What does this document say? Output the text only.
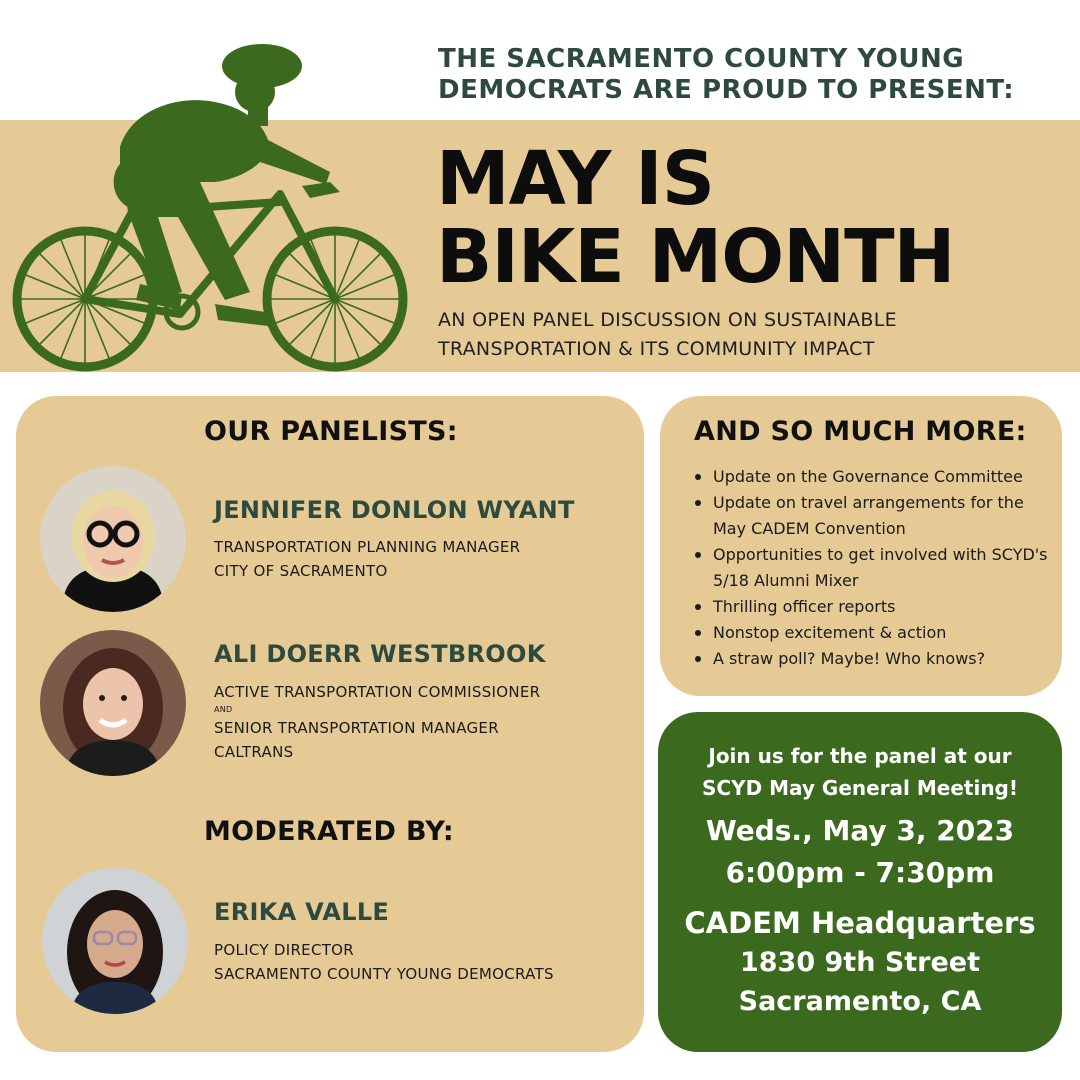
THE SACRAMENTO COUNTY YOUNG
DEMOCRATS ARE PROUD TO PRESENT:
MAY IS
BIKE MONTH
AN OPEN PANEL DISCUSSION ON SUSTAINABLE
TRANSPORTATION & ITS COMMUNITY IMPACT
OUR PANELISTS:
JENNIFER DONLON WYANT
TRANSPORTATION PLANNING MANAGER
CITY OF SACRAMENTO
ALI DOERR WESTBROOK
ACTIVE TRANSPORTATION COMMISSIONER
AND
SENIOR TRANSPORTATION MANAGER
CALTRANS
MODERATED BY:
ERIKA VALLE
POLICY DIRECTOR
SACRAMENTO COUNTY YOUNG DEMOCRATS
AND SO MUCH MORE:
Update on the Governance Committee
Update on travel arrangements for the May CADEM Convention
Opportunities to get involved with SCYD's 5/18 Alumni Mixer
Thrilling officer reports
Nonstop excitement & action
A straw poll? Maybe! Who knows?
Join us for the panel at our
SCYD May General Meeting!
Weds., May 3, 2023
6:00pm - 7:30pm
CADEM Headquarters
1830 9th Street
Sacramento, CA
